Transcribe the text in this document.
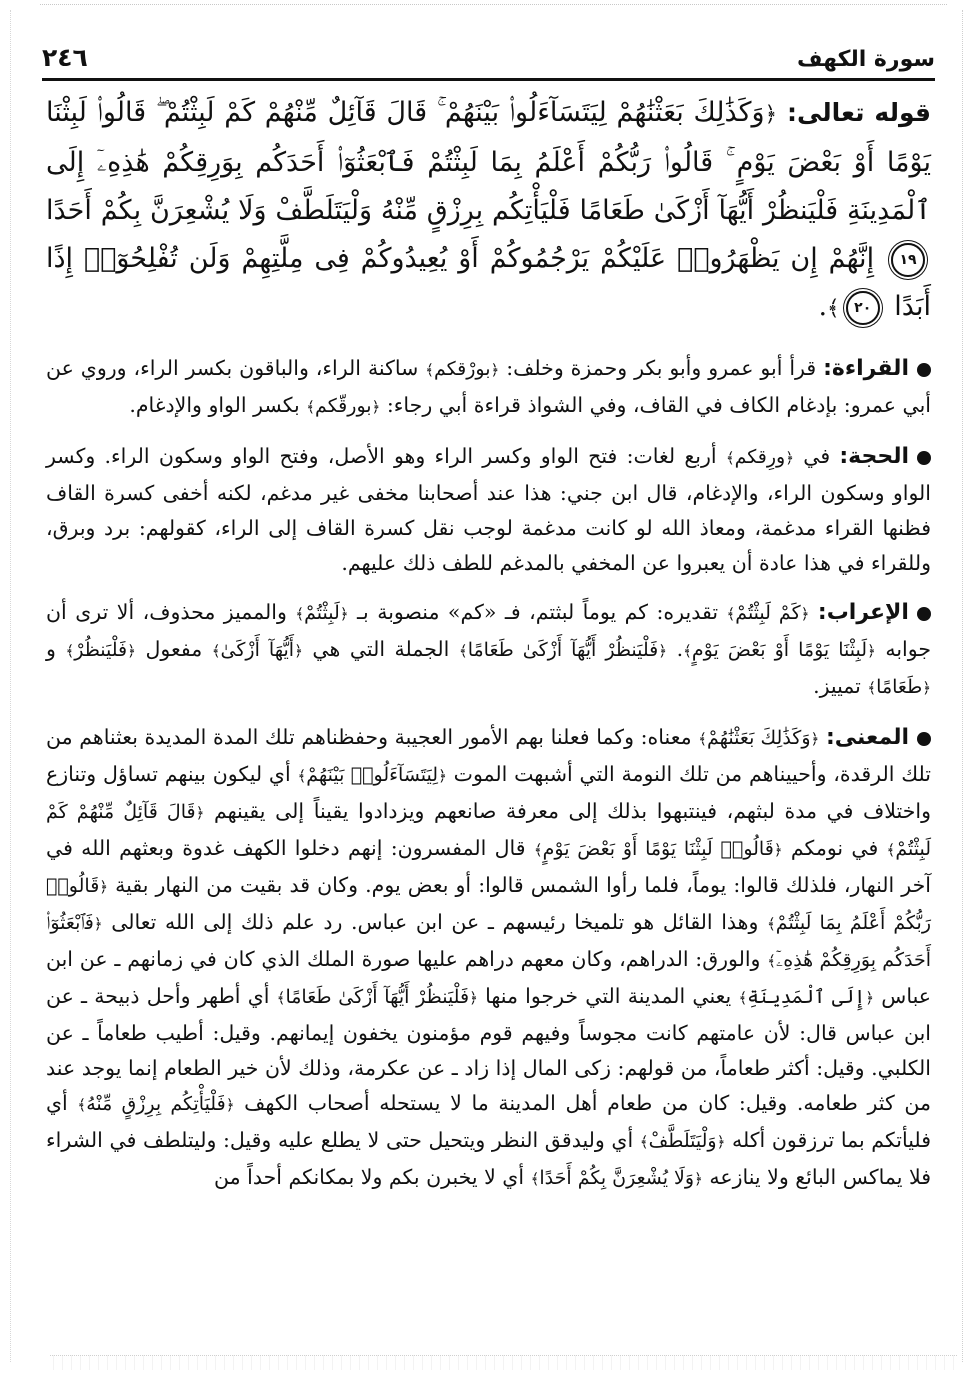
سورة الكهف
٢٤٦
قوله تعالى: ﴿وَكَذَٰلِكَ بَعَثْنَٰهُمْ لِيَتَسَآءَلُوا۟ بَيْنَهُمْ ۚ قَالَ قَآئِلٌ مِّنْهُمْ كَمْ لَبِثْتُمْ ۖ قَالُوا۟ لَبِثْنَا يَوْمًا أَوْ بَعْضَ يَوْمٍ ۚ قَالُوا۟ رَبُّكُمْ أَعْلَمُ بِمَا لَبِثْتُمْ فَٱبْعَثُوٓا۟ أَحَدَكُم بِوَرِقِكُمْ هَٰذِهِۦٓ إِلَى ٱلْمَدِينَةِ فَلْيَنظُرْ أَيُّهَآ أَزْكَىٰ طَعَامًا فَلْيَأْتِكُم بِرِزْقٍ مِّنْهُ وَلْيَتَلَطَّفْ وَلَا يُشْعِرَنَّ بِكُمْ أَحَدًا ١٩ إِنَّهُمْ إِن يَظْهَرُوا۟ عَلَيْكُمْ يَرْجُمُوكُمْ أَوْ يُعِيدُوكُمْ فِى مِلَّتِهِمْ وَلَن تُفْلِحُوٓا۟ إِذًا أَبَدًا ٢٠﴾.
القراءة: قرأ أبو عمرو وأبو بكر وحمزة وخلف: ﴿بورْقكم﴾ ساكنة الراء، والباقون بكسر الراء، وروي عن أبي عمرو: بإدغام الكاف في القاف، وفي الشواذ قراءة أبي رجاء: ﴿بورقّكم﴾ بكسر الواو والإدغام.
الحجة: في ﴿ورِقكم﴾ أربع لغات: فتح الواو وكسر الراء وهو الأصل، وفتح الواو وسكون الراء. وكسر الواو وسكون الراء، والإدغام، قال ابن جني: هذا عند أصحابنا مخفى غير مدغم، لكنه أخفى كسرة القاف فظنها القراء مدغمة، ومعاذ الله لو كانت مدغمة لوجب نقل كسرة القاف إلى الراء، كقولهم: برد وبرق، وللقراء في هذا عادة أن يعبروا عن المخفي بالمدغم للطف ذلك عليهم.
الإعراب: ﴿كَمْ لَبِثْتُمْ﴾ تقديره: كم يوماً لبثتم، فـ «كم» منصوبة بـ ﴿لَبِثْتُمْ﴾ والمميز محذوف، ألا ترى أن جوابه ﴿لَبِثْنَا يَوْمًا أَوْ بَعْضَ يَوْمٍ﴾. ﴿فَلْيَنظُرْ أَيُّهَآ أَزْكَىٰ طَعَامًا﴾ الجملة التي هي ﴿أَيُّهَآ أَزْكَىٰ﴾ مفعول ﴿فَلْيَنظُرْ﴾ و ﴿طَعَامًا﴾ تمييز.
المعنى: ﴿وَكَذَٰلِكَ بَعَثْنَٰهُمْ﴾ معناه: وكما فعلنا بهم الأمور العجيبة وحفظناهم تلك المدة المديدة بعثناهم من تلك الرقدة، وأحييناهم من تلك النومة التي أشبهت الموت ﴿لِيَتَسَآءَلُوا۟ بَيْنَهُمْ﴾ أي ليكون بينهم تساؤل وتنازع واختلاف في مدة لبثهم، فينتبهوا بذلك إلى معرفة صانعهم ويزدادوا يقيناً إلى يقينهم ﴿قَالَ قَآئِلٌ مِّنْهُمْ كَمْ لَبِثْتُمْ﴾ في نومكم ﴿قَالُوا۟ لَبِثْنَا يَوْمًا أَوْ بَعْضَ يَوْمٍ﴾ قال المفسرون: إنهم دخلوا الكهف غدوة وبعثهم الله في آخر النهار، فلذلك قالوا: يوماً، فلما رأوا الشمس قالوا: أو بعض يوم. وكان قد بقيت من النهار بقية ﴿قَالُوا۟ رَبُّكُمْ أَعْلَمُ بِمَا لَبِثْتُمْ﴾ وهذا القائل هو تلميخا رئيسهم ـ عن ابن عباس. رد علم ذلك إلى الله تعالى ﴿فَٱبْعَثُوٓا۟ أَحَدَكُم بِوَرِقِكُمْ هَٰذِهِۦٓ﴾ والورق: الدراهم، وكان معهم دراهم عليها صورة الملك الذي كان في زمانهم ـ عن ابن عباس ﴿إِلَى ٱلْمَدِينَةِ﴾ يعني المدينة التي خرجوا منها ﴿فَلْيَنظُرْ أَيُّهَآ أَزْكَىٰ طَعَامًا﴾ أي أطهر وأحل ذبيحة ـ عن ابن عباس قال: لأن عامتهم كانت مجوساً وفيهم قوم مؤمنون يخفون إيمانهم. وقيل: أطيب طعاماً ـ عن الكلبي. وقيل: أكثر طعاماً، من قولهم: زكى المال إذا زاد ـ عن عكرمة، وذلك لأن خير الطعام إنما يوجد عند من كثر طعامه. وقيل: كان من طعام أهل المدينة ما لا يستحله أصحاب الكهف ﴿فَلْيَأْتِكُم بِرِزْقٍ مِّنْهُ﴾ أي فليأتكم بما ترزقون أكله ﴿وَلْيَتَلَطَّفْ﴾ أي وليدقق النظر ويتحيل حتى لا يطلع عليه وقيل: وليتلطف في الشراء فلا يماكس البائع ولا ينازعه ﴿وَلَا يُشْعِرَنَّ بِكُمْ أَحَدًا﴾ أي لا يخبرن بكم ولا بمكانكم أحداً من
